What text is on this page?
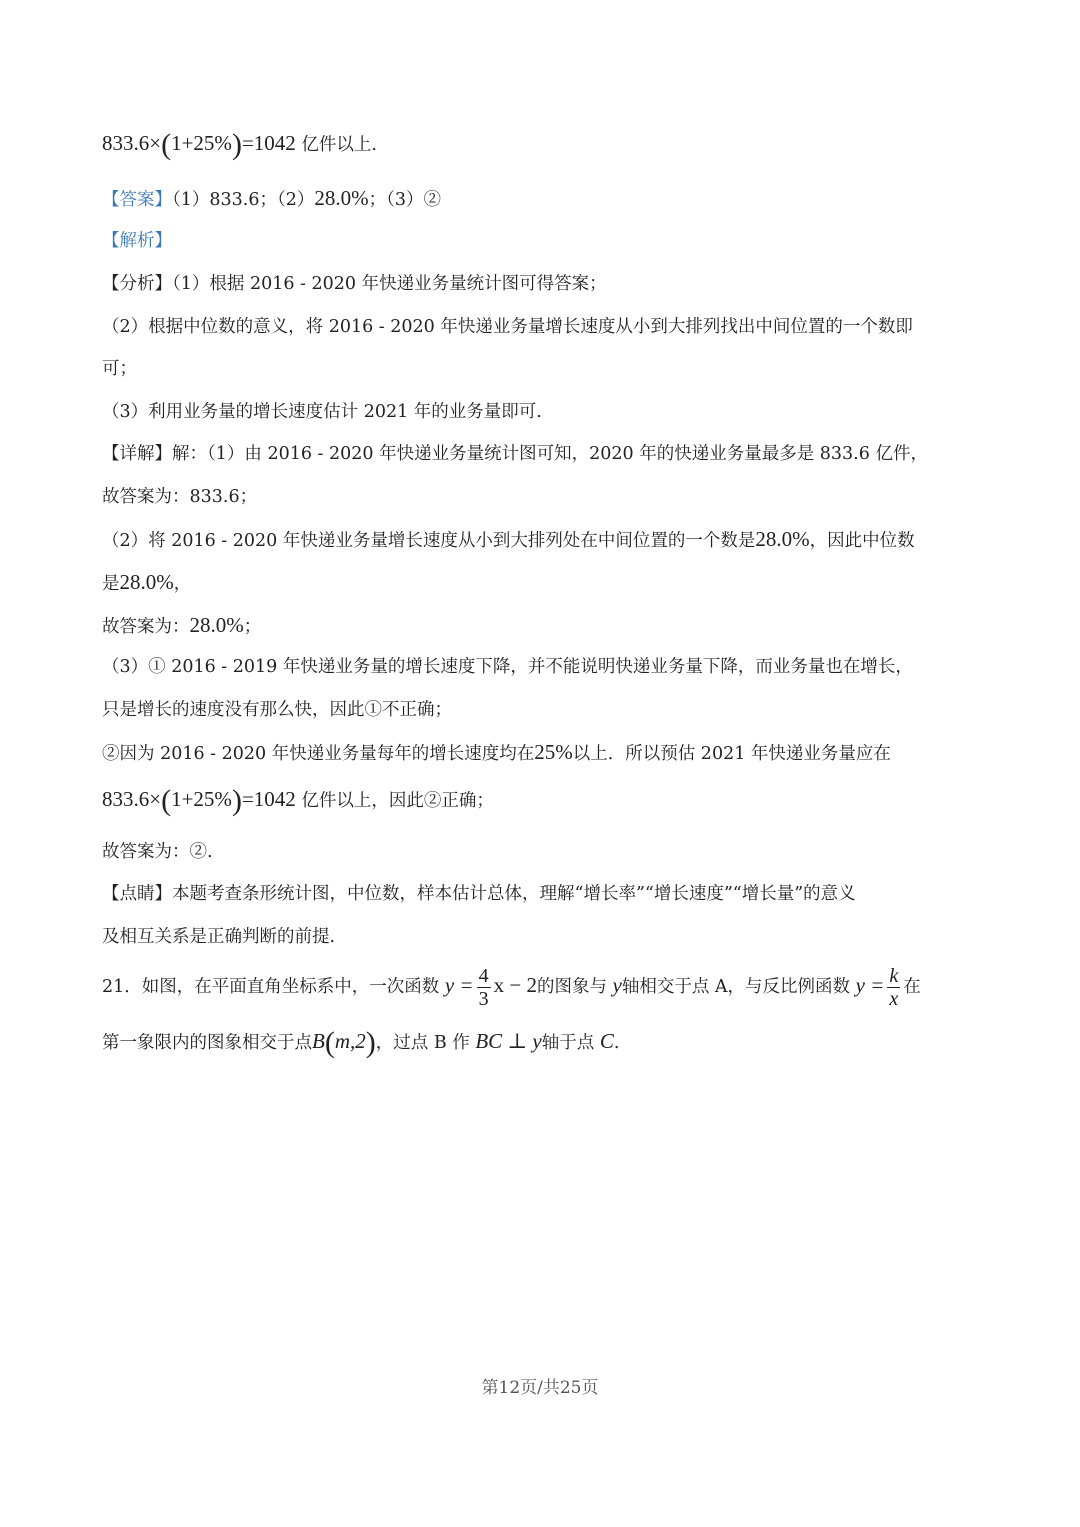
833.6×(1+25%)=1042 亿件以上.
【答案】（1）833.6；（2）28.0%；（3）②
【解析】
【分析】（1）根据 2016 - 2020 年快递业务量统计图可得答案；
（2）根据中位数的意义，将 2016 - 2020 年快递业务量增长速度从小到大排列找出中间位置的一个数即
可；
（3）利用业务量的增长速度估计 2021 年的业务量即可.
【详解】解：（1）由 2016 - 2020 年快递业务量统计图可知，2020 年的快递业务量最多是 833.6 亿件，
故答案为：833.6；
（2）将 2016 - 2020 年快递业务量增长速度从小到大排列处在中间位置的一个数是28.0%，因此中位数
是28.0%，
故答案为：28.0%；
（3）① 2016 - 2019 年快递业务量的增长速度下降，并不能说明快递业务量下降，而业务量也在增长，
只是增长的速度没有那么快，因此①不正确；
②因为 2016 - 2020 年快递业务量每年的增长速度均在25%以上．所以预估 2021 年快递业务量应在
833.6×(1+25%)=1042 亿件以上，因此②正确；
故答案为：②.
【点睛】本题考查条形统计图，中位数，样本估计总体，理解“增长率”“增长速度”“增长量”的意义
及相互关系是正确判断的前提.
21．如图，在平面直角坐标系中，一次函数 $y = \frac{4}{3}$ x − 2的图象与 y轴相交于点 A，与反比例函数 $y = \frac{k}{x}$ 在
第一象限内的图象相交于点B(m,2)，过点 B 作 BC ⊥ y轴于点 C.
第12页/共25页
